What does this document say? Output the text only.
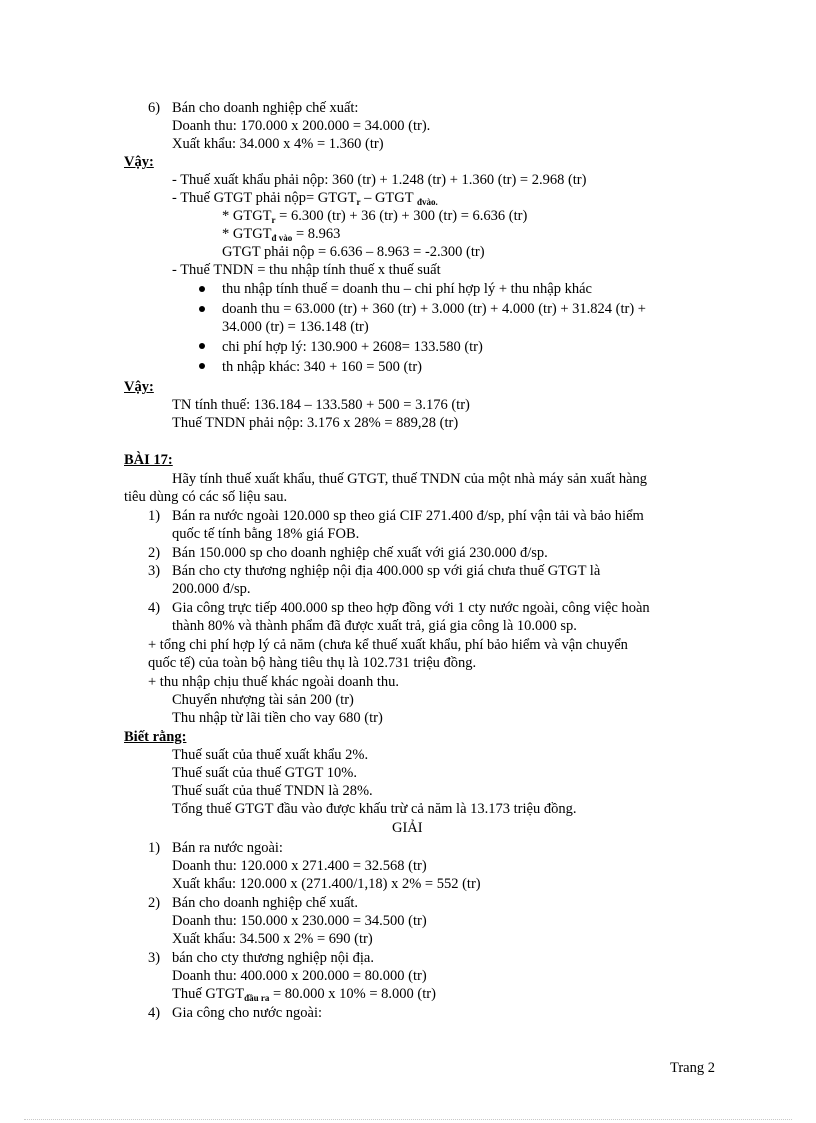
6) Bán cho doanh nghiệp chế xuất:
Doanh thu: 170.000 x 200.000 = 34.000 (tr).
Xuất khẩu: 34.000 x 4% = 1.360 (tr)
Vậy:
- Thuế xuất khẩu phải nộp: 360 (tr) + 1.248 (tr) + 1.360 (tr) = 2.968 (tr)
- Thuế GTGT phải nộp= $GTGT_r$ – GTGT $_{đvào.}$
* $GTGT_r = 6.300$ (tr) + 36 (tr) + 300 (tr) = 6.636 (tr)
* $GTGT_{đ vào} = 8.963$
GTGT phải nộp = 6.636 – 8.963 = -2.300 (tr)
- Thuế TNDN = thu nhập tính thuế x thuế suất
thu nhập tính thuế = doanh thu – chi phí hợp lý + thu nhập khác
doanh thu = 63.000 (tr) + 360 (tr) + 3.000 (tr) + 4.000 (tr) + 31.824 (tr) +
34.000 (tr) = 136.148 (tr)
chi phí hợp lý: 130.900 + 2608= 133.580 (tr)
th nhập khác: 340 + 160 = 500 (tr)
Vậy:
TN tính thuế: 136.184 – 133.580 + 500 = 3.176 (tr)
Thuế TNDN phải nộp: 3.176 x 28% = 889,28 (tr)
BÀI 17:
Hãy tính thuế xuất khẩu, thuế GTGT, thuế TNDN của một nhà máy sản xuất hàng
tiêu dùng có các số liệu sau.
1) Bán ra nước ngoài 120.000 sp theo giá CIF 271.400 đ/sp, phí vận tải và bảo hiểm
quốc tế tính bằng 18% giá FOB.
2) Bán 150.000 sp cho doanh nghiệp chế xuất với giá 230.000 đ/sp.
3) Bán cho cty thương nghiệp nội địa 400.000 sp với giá chưa thuế GTGT là
200.000 đ/sp.
4) Gia công trực tiếp 400.000 sp theo hợp đồng với 1 cty nước ngoài, công việc hoàn
thành 80% và thành phẩm đã được xuất trả, giá gia công là 10.000 sp.
+ tổng chi phí hợp lý cả năm (chưa kể thuế xuất khẩu, phí bảo hiểm và vận chuyển
quốc tế) của toàn bộ hàng tiêu thụ là 102.731 triệu đồng.
+ thu nhập chịu thuế khác ngoài doanh thu.
Chuyển nhượng tài sản 200 (tr)
Thu nhập từ lãi tiền cho vay 680 (tr)
Biết rằng:
Thuế suất của thuế xuất khẩu 2%.
Thuế suất của thuế GTGT 10%.
Thuế suất của thuế TNDN là 28%.
Tổng thuế GTGT đầu vào được khấu trừ cả năm là 13.173 triệu đồng.
GIẢI
1) Bán ra nước ngoài:
Doanh thu: 120.000 x 271.400 = 32.568 (tr)
Xuất khẩu: 120.000 x (271.400/1,18) x 2% = 552 (tr)
2) Bán cho doanh nghiệp chế xuất.
Doanh thu: 150.000 x 230.000 = 34.500 (tr)
Xuất khẩu: 34.500 x 2% = 690 (tr)
3) bán cho cty thương nghiệp nội địa.
Doanh thu: 400.000 x 200.000 = 80.000 (tr)
Thuế $GTGT_{đầu ra} = 80.000$ x 10% = 8.000 (tr)
4) Gia công cho nước ngoài:
Trang 2
